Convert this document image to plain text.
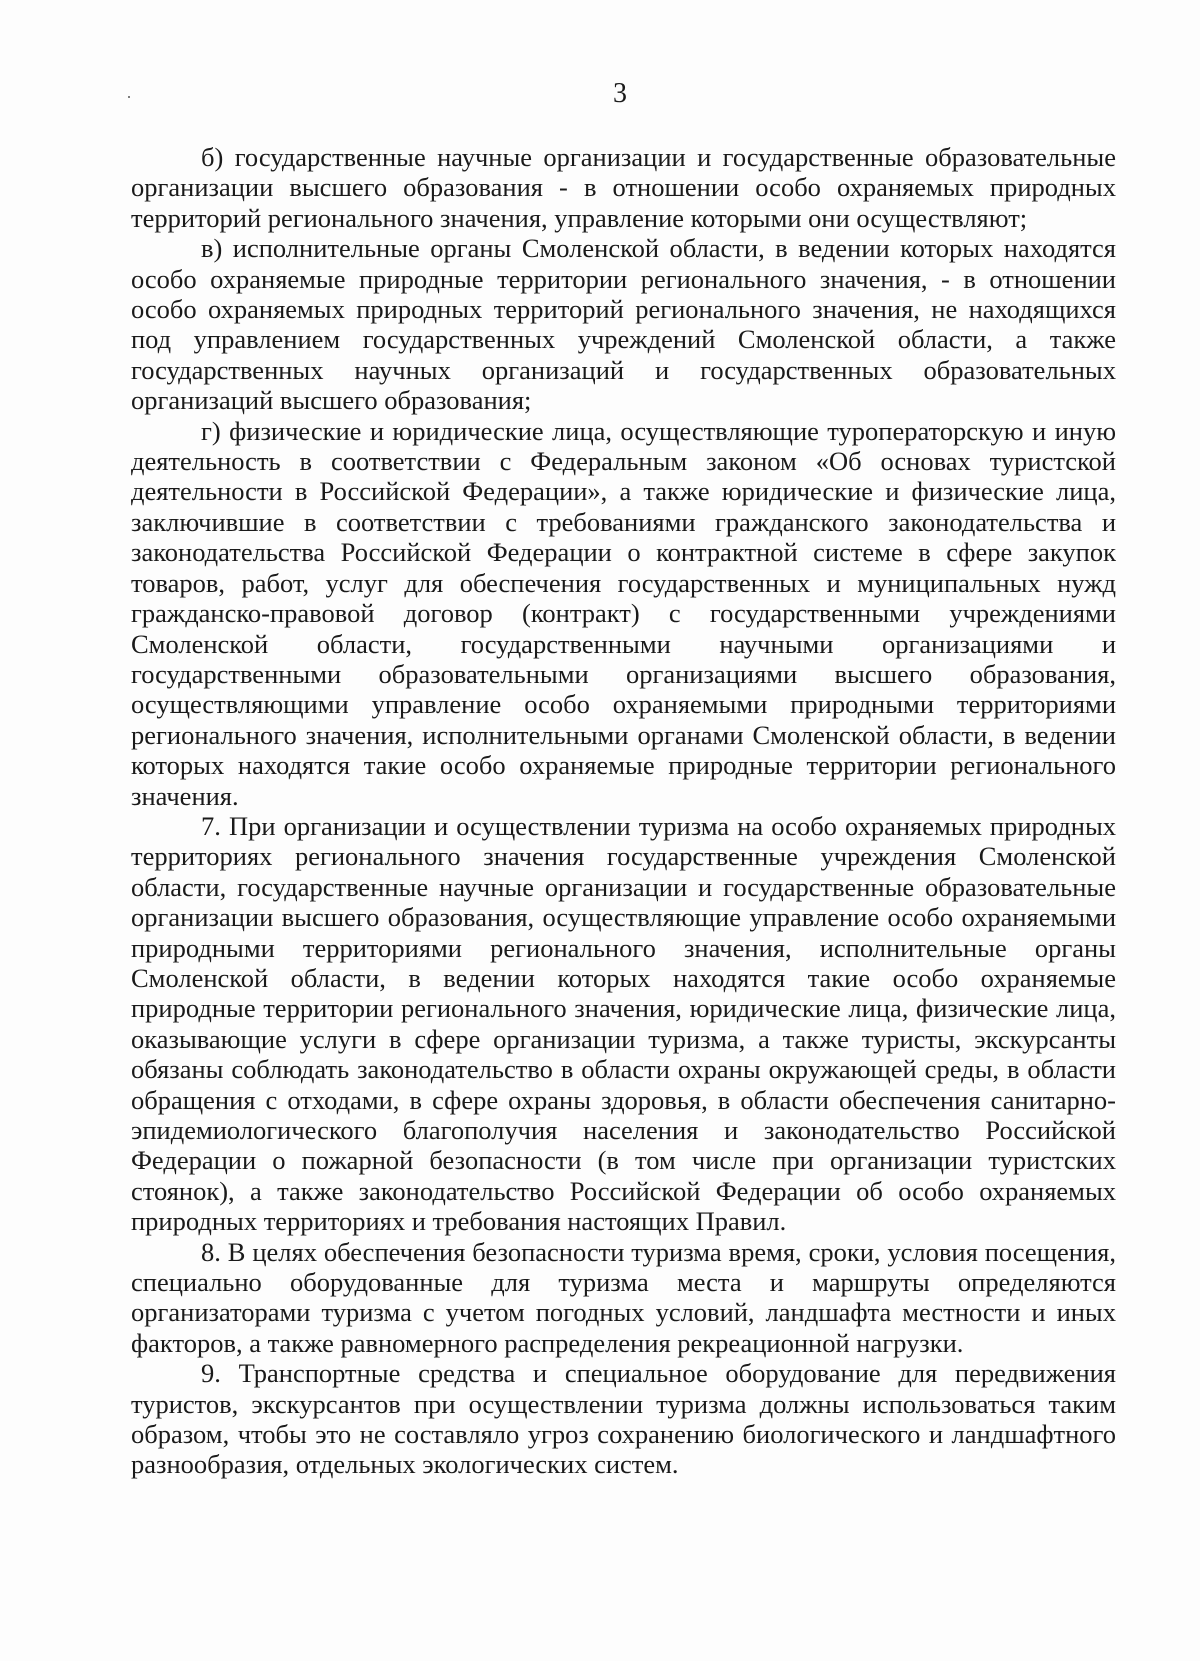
3

б) государственные научные организации и государственные образовательные организации высшего образования - в отношении особо охраняемых природных территорий регионального значения, управление которыми они осуществляют;

в) исполнительные органы Смоленской области, в ведении которых находятся особо охраняемые природные территории регионального значения, - в отношении особо охраняемых природных территорий регионального значения, не находящихся под управлением государственных учреждений Смоленской области, а также государственных научных организаций и государственных образовательных организаций высшего образования;

г) физические и юридические лица, осуществляющие туроператорскую и иную деятельность в соответствии с Федеральным законом «Об основах туристской деятельности в Российской Федерации», а также юридические и физические лица, заключившие в соответствии с требованиями гражданского законодательства и законодательства Российской Федерации о контрактной системе в сфере закупок товаров, работ, услуг для обеспечения государственных и муниципальных нужд гражданско-правовой договор (контракт) с государственными учреждениями Смоленской области, государственными научными организациями и государственными образовательными организациями высшего образования, осуществляющими управление особо охраняемыми природными территориями регионального значения, исполнительными органами Смоленской области, в ведении которых находятся такие особо охраняемые природные территории регионального значения.

7. При организации и осуществлении туризма на особо охраняемых природных территориях регионального значения государственные учреждения Смоленской области, государственные научные организации и государственные образовательные организации высшего образования, осуществляющие управление особо охраняемыми природными территориями регионального значения, исполнительные органы Смоленской области, в ведении которых находятся такие особо охраняемые природные территории регионального значения, юридические лица, физические лица, оказывающие услуги в сфере организации туризма, а также туристы, экскурсанты обязаны соблюдать законодательство в области охраны окружающей среды, в области обращения с отходами, в сфере охраны здоровья, в области обеспечения санитарно-эпидемиологического благополучия населения и законодательство Российской Федерации о пожарной безопасности (в том числе при организации туристских стоянок), а также законодательство Российской Федерации об особо охраняемых природных территориях и требования настоящих Правил.

8. В целях обеспечения безопасности туризма время, сроки, условия посещения, специально оборудованные для туризма места и маршруты определяются организаторами туризма с учетом погодных условий, ландшафта местности и иных факторов, а также равномерного распределения рекреационной нагрузки.

9. Транспортные средства и специальное оборудование для передвижения туристов, экскурсантов при осуществлении туризма должны использоваться таким образом, чтобы это не составляло угроз сохранению биологического и ландшафтного разнообразия, отдельных экологических систем.
